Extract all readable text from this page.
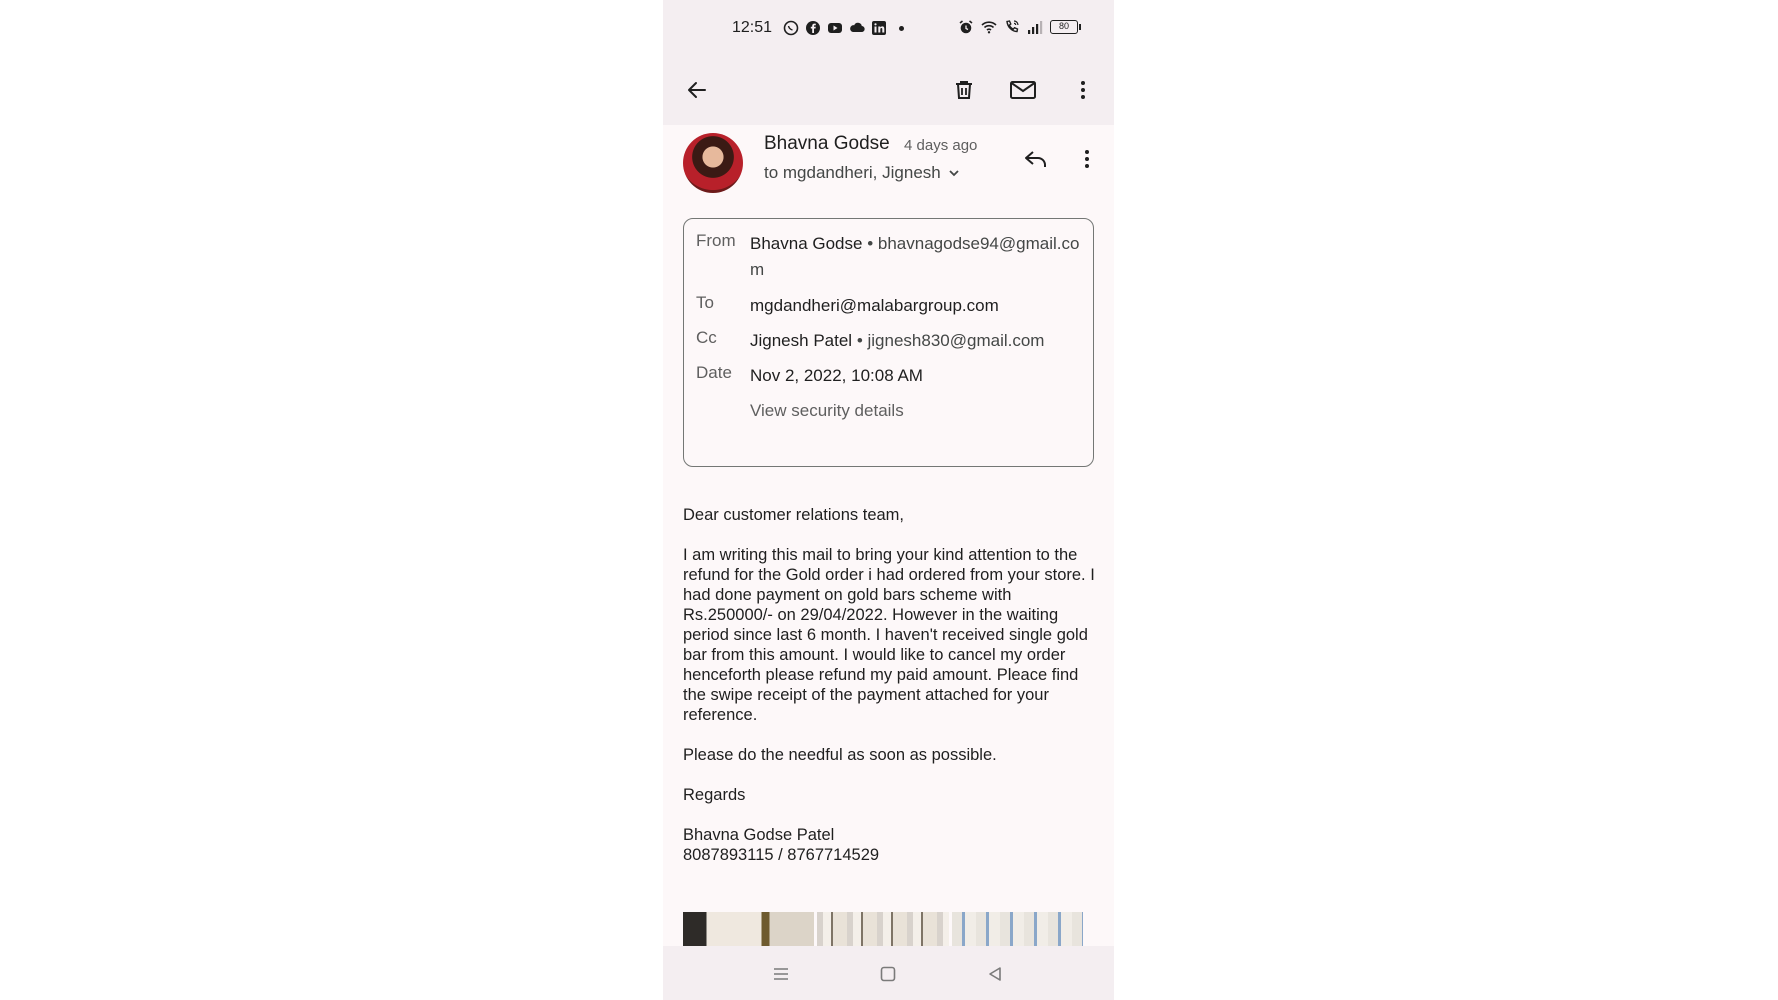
12:51	80
Bhavna Godse 4 days ago
to mgdandheri, Jignesh
From Bhavna Godse • bhavnagodse94@gmail.com
To mgdandheri@malabargroup.com
Cc Jignesh Patel • jignesh830@gmail.com
Date Nov 2, 2022, 10:08 AM
View security details

Dear customer relations team,

I am writing this mail to bring your kind attention to the refund for the Gold order i had ordered from your store. I had done payment on gold bars scheme with Rs.250000/- on 29/04/2022. However in the waiting period since last 6 month. I haven't received single gold bar from this amount. I would like to cancel my order henceforth please refund my paid amount. Pleace find the swipe receipt of the payment attached for your reference.

Please do the needful as soon as possible.

Regards

Bhavna Godse Patel
8087893115 / 8767714529
